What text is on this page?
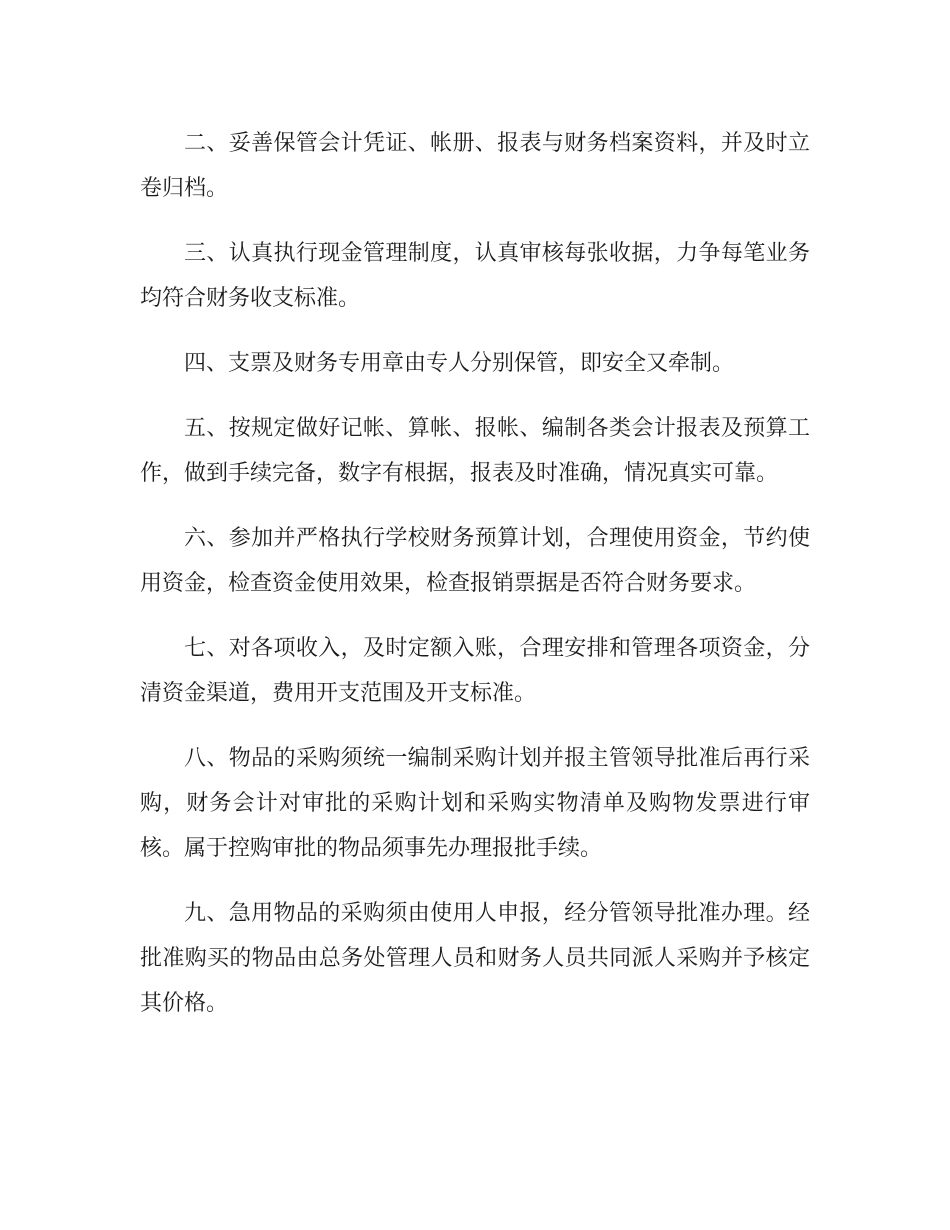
二、妥善保管会计凭证、帐册、报表与财务档案资料，并及时立卷归档。

三、认真执行现金管理制度，认真审核每张收据，力争每笔业务均符合财务收支标准。

四、支票及财务专用章由专人分别保管，即安全又牵制。

五、按规定做好记帐、算帐、报帐、编制各类会计报表及预算工作，做到手续完备，数字有根据，报表及时准确，情况真实可靠。

六、参加并严格执行学校财务预算计划，合理使用资金，节约使用资金，检查资金使用效果，检查报销票据是否符合财务要求。

七、对各项收入，及时定额入账，合理安排和管理各项资金，分清资金渠道，费用开支范围及开支标准。

八、物品的采购须统一编制采购计划并报主管领导批准后再行采购，财务会计对审批的采购计划和采购实物清单及购物发票进行审核。属于控购审批的物品须事先办理报批手续。

九、急用物品的采购须由使用人申报，经分管领导批准办理。经批准购买的物品由总务处管理人员和财务人员共同派人采购并予核定其价格。
